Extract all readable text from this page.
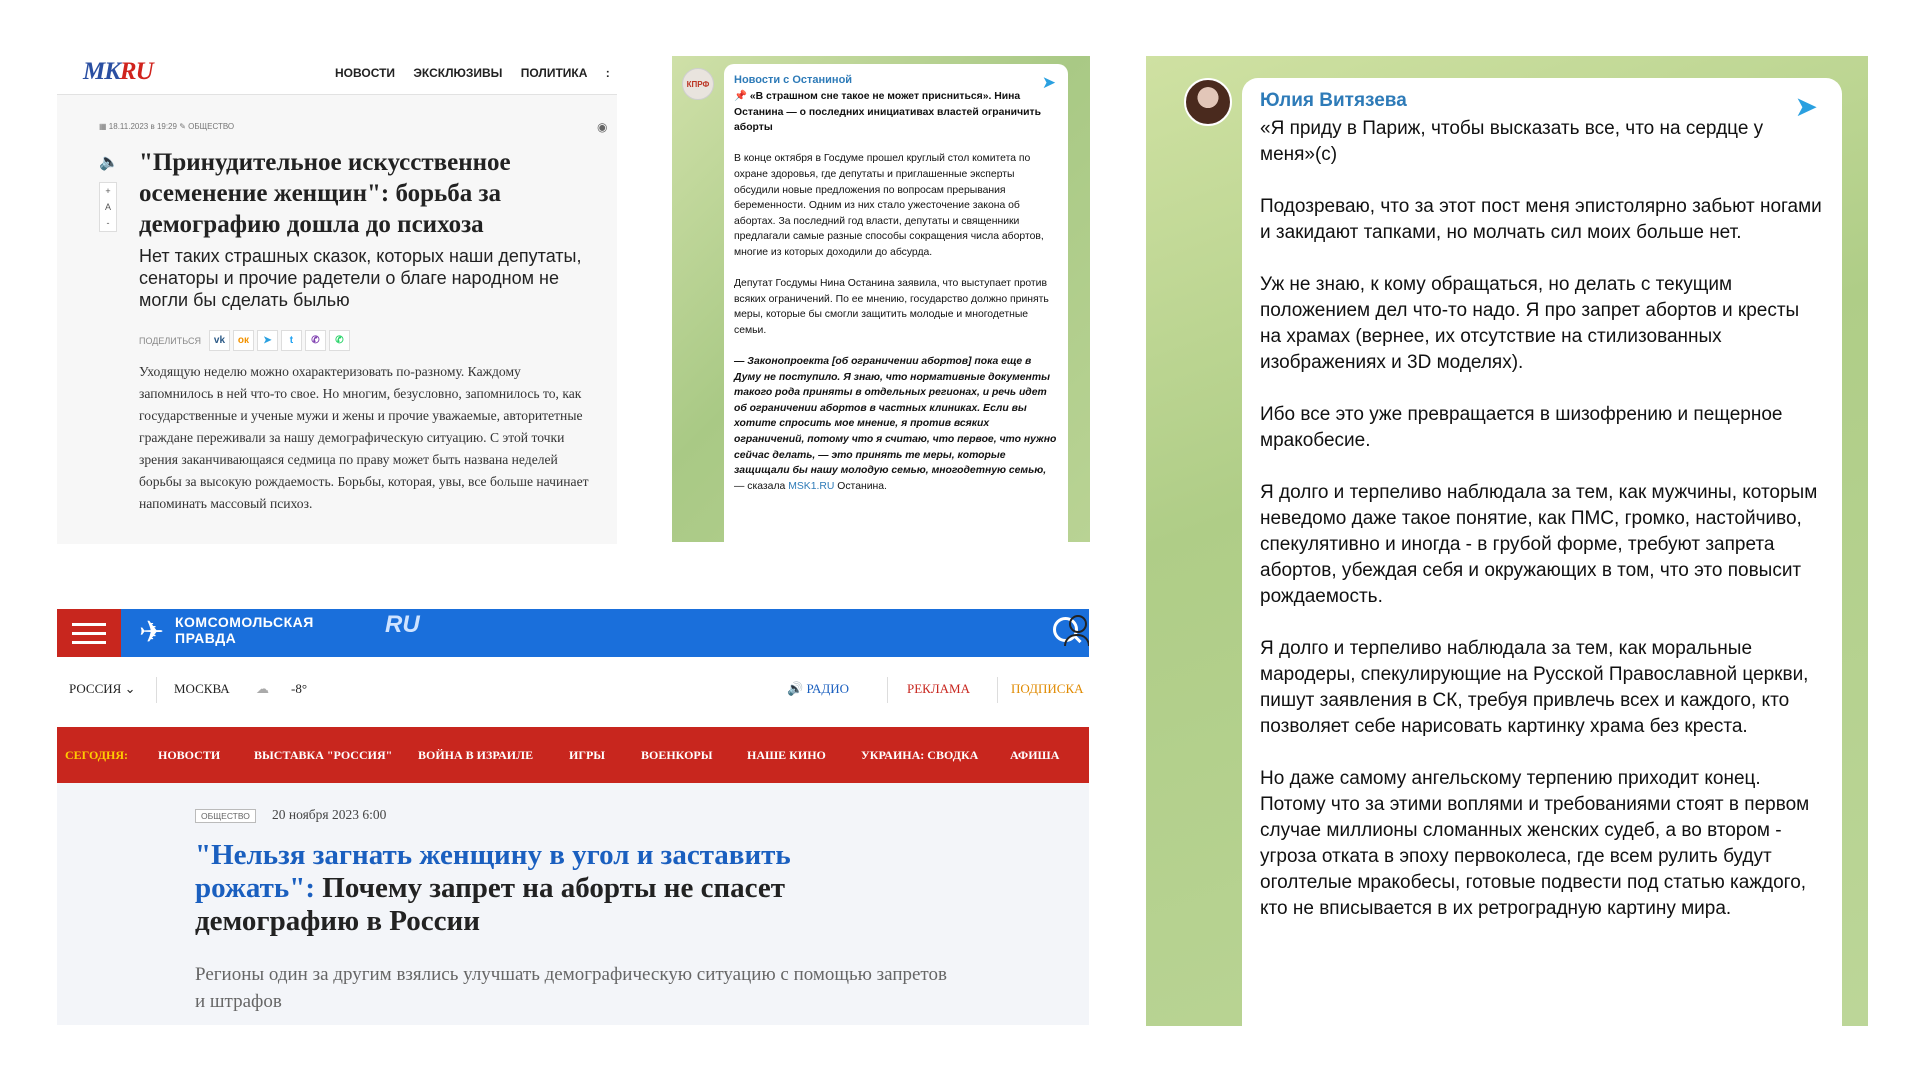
MKRU	НОВОСТИ ЭКСКЛЮЗИВЫ ПОЛИТИКА :
▦ 18.11.2023 в 19:29 ✎ ОБЩЕСТВО	◉
🔈
+
A
-
"Принудительное искусственное осеменение женщин": борьба за демографию дошла до психоза
Нет таких страшных сказок, которых наши депутаты, сенаторы и прочие радетели о благе народном не могли бы сделать былью
ПОДЕЛИТЬСЯ	vk	ок	➤	t	✆	✆
Уходящую неделю можно охарактеризовать по-разному. Каждому запомнилось в ней что-то свое. Но многим, безусловно, запомнилось то, как государственные и ученые мужи и жены и прочие уважаемые, авторитетные граждане переживали за нашу демографическую ситуацию. С этой точки зрения заканчивающаяся седмица по праву может быть названа неделей борьбы за высокую рождаемость. Борьбы, которая, увы, все больше начинает напоминать массовый психоз.
КПРФ	➤
Новости с Останиной

📌 «В страшном сне такое не может присниться». Нина Останина — о последних инициативах властей ограничить аборты

В конце октября в Госдуме прошел круглый стол комитета по охране здоровья, где депутаты и приглашенные эксперты обсудили новые предложения по вопросам прерывания беременности. Одним из них стало ужесточение закона об абортах. За последний год власти, депутаты и священники предлагали самые разные способы сокращения числа абортов, многие из которых доходили до абсурда.

Депутат Госдумы Нина Останина заявила, что выступает против всяких ограничений. По ее мнению, государство должно принять меры, которые бы смогли защитить молодые и многодетные семьи.

— Законопроекта [об ограничении абортов] пока еще в Думу не поступило. Я знаю, что нормативные документы такого рода приняты в отдельных регионах, и речь идет об ограничении абортов в частных клиниках. Если вы хотите спросить мое мнение, я против всяких ограничений, потому что я считаю, что первое, что нужно сейчас делать, — это принять те меры, которые защищали бы нашу молодую семью, многодетную семью, — сказала MSK1.RU Останина.

✈ КОМСОМОЛЬСКАЯ
ПРАВДА	RU
РОССИЯ ⌄	МОСКВА ☁ -8°	🔊 РАДИО	РЕКЛАМА	ПОДПИСКА
СЕГОДНЯ:	НОВОСТИ	ВЫСТАВКА "РОССИЯ" ВОЙНА В ИЗРАИЛЕ	ИГРЫ	ВОЕНКОРЫ	НАШЕ КИНО	УКРАИНА: СВОДКА	АФИША
ОБЩЕСТВО	20 ноября 2023 6:00
"Нельзя загнать женщину в угол и заставить рожать": Почему запрет на аборты не спасет демографию в России
Регионы один за другим взялись улучшать демографическую ситуацию с помощью запретов и штрафов
➤
Юлия Витязева

«Я приду в Париж, чтобы высказать все, что на сердце у меня»(с)

Подозреваю, что за этот пост меня эпистолярно забьют ногами и закидают тапками, но молчать сил моих больше нет.

Уж не знаю, к кому обращаться, но делать с текущим положением дел что-то надо. Я про запрет абортов и кресты на храмах (вернее, их отсутствие на стилизованных изображениях и 3D моделях).

Ибо все это уже превращается в шизофрению и пещерное мракобесие.

Я долго и терпеливо наблюдала за тем, как мужчины, которым неведомо даже такое понятие, как ПМС, громко, настойчиво, спекулятивно и иногда - в грубой форме, требуют запрета абортов, убеждая себя и окружающих в том, что это повысит рождаемость.

Я долго и терпеливо наблюдала за тем, как моральные мародеры, спекулирующие на Русской Православной церкви, пишут заявления в СК, требуя привлечь всех и каждого, кто позволяет себе нарисовать картинку храма без креста.

Но даже самому ангельскому терпению приходит конец. Потому что за этими воплями и требованиями стоят в первом случае миллионы сломанных женских судеб, а во втором - угроза отката в эпоху первоколеса, где всем рулить будут оголтелые мракобесы, готовые подвести под статью каждого, кто не вписывается в их ретроградную картину мира.
